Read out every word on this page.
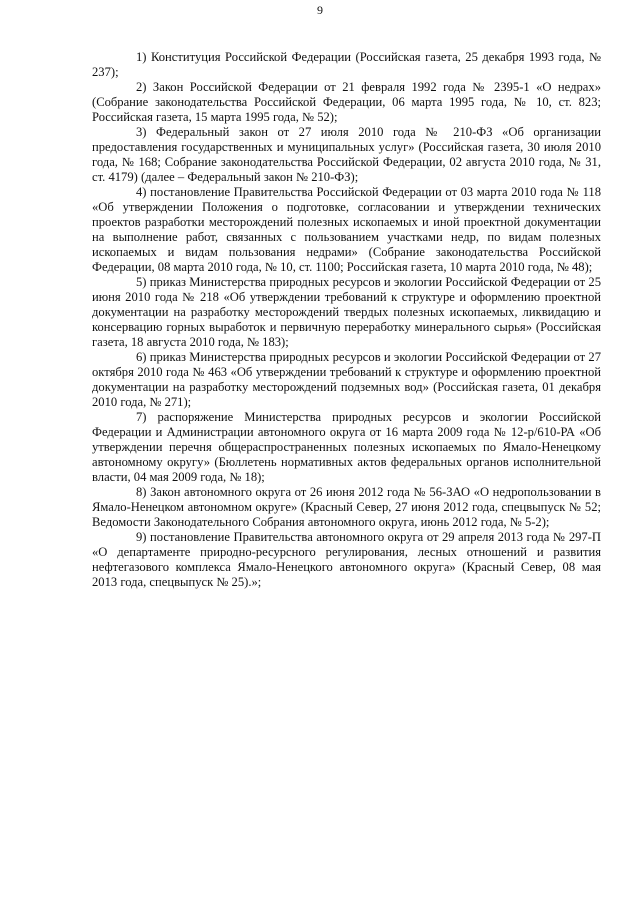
9

1) Конституция Российской Федерации (Российская газета, 25 декабря 1993 года, № 237);

2) Закон Российской Федерации от 21 февраля 1992 года № 2395-1 «О недрах» (Собрание законодательства Российской Федерации, 06 марта 1995 года, № 10, ст. 823; Российская газета, 15 марта 1995 года, № 52);

3) Федеральный закон от 27 июля 2010 года № 210-ФЗ «Об организации предоставления государственных и муниципальных услуг» (Российская газета, 30 июля 2010 года, № 168; Собрание законодательства Российской Федерации, 02 августа 2010 года, № 31, ст. 4179) (далее – Федеральный закон № 210-ФЗ);

4) постановление Правительства Российской Федерации от 03 марта 2010 года № 118 «Об утверждении Положения о подготовке, согласовании и утверждении технических проектов разработки месторождений полезных ископаемых и иной проектной документации на выполнение работ, связанных с пользованием участками недр, по видам полезных ископаемых и видам пользования недрами» (Собрание законодательства Российской Федерации, 08 марта 2010 года, № 10, ст. 1100; Российская газета, 10 марта 2010 года, № 48);

5) приказ Министерства природных ресурсов и экологии Российской Федерации от 25 июня 2010 года № 218 «Об утверждении требований к структуре и оформлению проектной документации на разработку месторождений твердых полезных ископаемых, ликвидацию и консервацию горных выработок и первичную переработку минерального сырья» (Российская газета, 18 августа 2010 года, № 183);

6) приказ Министерства природных ресурсов и экологии Российской Федерации от 27 октября 2010 года № 463 «Об утверждении требований к структуре и оформлению проектной документации на разработку месторождений подземных вод» (Российская газета, 01 декабря 2010 года, № 271);

7) распоряжение Министерства природных ресурсов и экологии Российской Федерации и Администрации автономного округа от 16 марта 2009 года № 12-р/610-РА «Об утверждении перечня общераспространенных полезных ископаемых по Ямало-Ненецкому автономному округу» (Бюллетень нормативных актов федеральных органов исполнительной власти, 04 мая 2009 года, № 18);

8) Закон автономного округа от 26 июня 2012 года № 56-ЗАО «О недропользовании в Ямало-Ненецком автономном округе» (Красный Север, 27 июня 2012 года, спецвыпуск № 52; Ведомости Законодательного Собрания автономного округа, июнь 2012 года, № 5-2);

9) постановление Правительства автономного округа от 29 апреля 2013 года № 297-П «О департаменте природно-ресурсного регулирования, лесных отношений и развития нефтегазового комплекса Ямало-Ненецкого автономного округа» (Красный Север, 08 мая 2013 года, спецвыпуск № 25).»;
